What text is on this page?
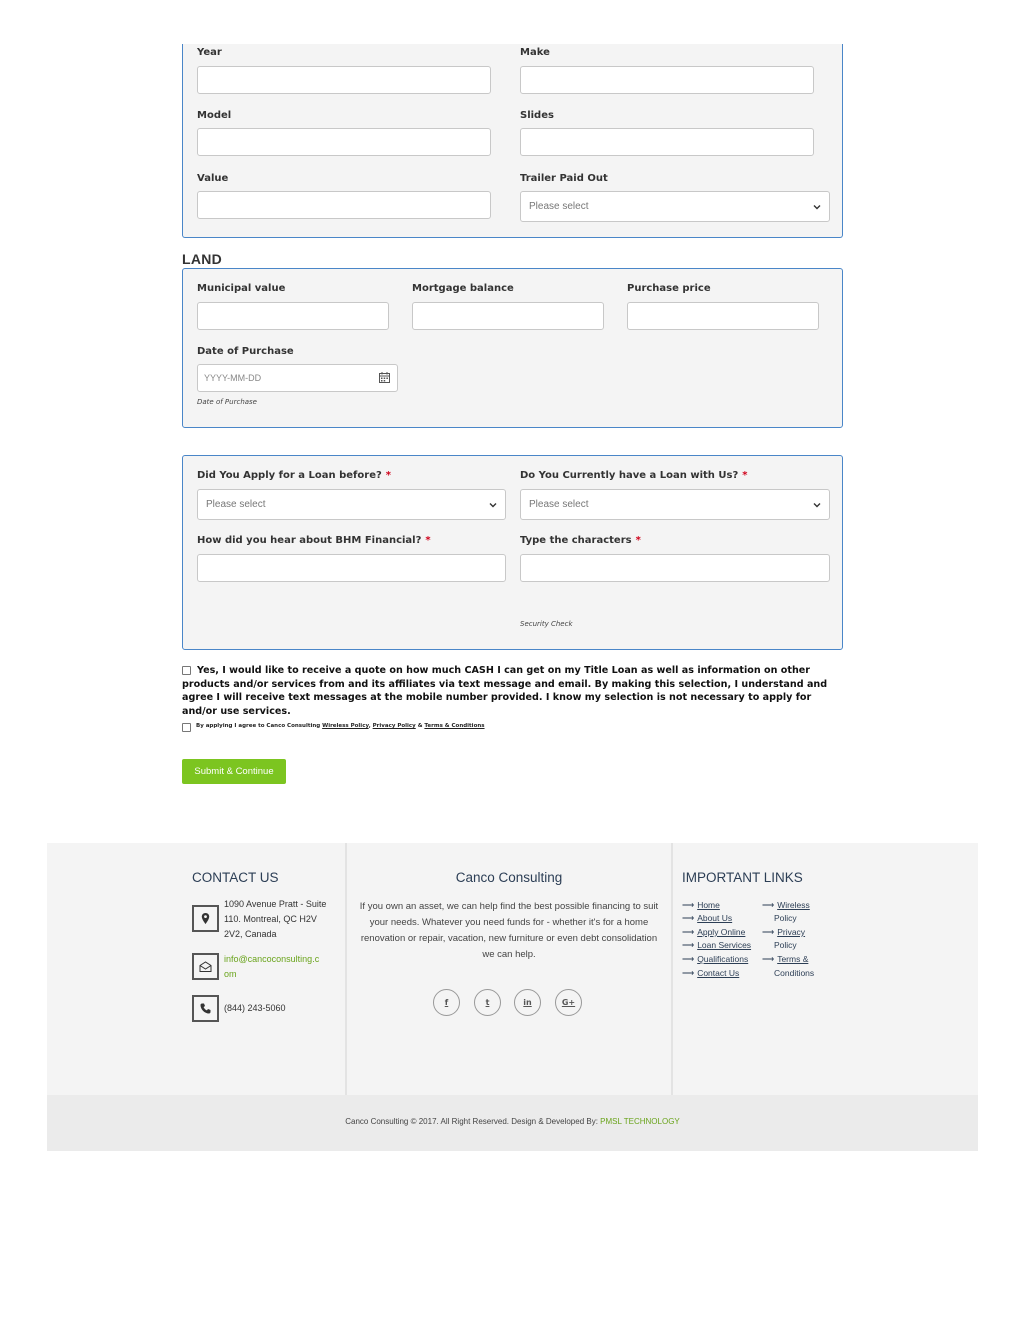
Year	Make
Model	Slides
Value	Trailer Paid Out
Please select
LAND
Municipal value	Mortgage balance	Purchase price
Date of Purchase
YYYY-MM-DD
Date of Purchase
Did You Apply for a Loan before? *
Please select
Do You Currently have a Loan with Us? *
Please select
How did you hear about BHM Financial? *	Type the characters *
Security Check

Yes, I would like to receive a quote on how much CASH I can get on my Title Loan as well as information on other products and/or services from and its affiliates via text message and email. By making this selection, I understand and agree I will receive text messages at the mobile number provided. I know my selection is not necessary to apply for and/or use services.

By applying I agree to Canco Consulting Wireless Policy, Privacy Policy & Terms & Conditions
Submit & Continue
CONTACT US
1090 Avenue Pratt - Suite 110. Montreal, QC H2V 2V2, Canada
info@cancoconsulting.com
(844) 243-5060
Canco Consulting

If you own an asset, we can help find the best possible financing to suit your needs. Whatever you need funds for - whether it's for a home renovation or repair, vacation, new furniture or even debt consolidation we can help.

f	t	in	G+
IMPORTANT LINKS
⟶ Home
⟶ About Us
⟶ Apply Online
⟶ Loan Services
⟶ Qualifications
⟶ Contact Us
⟶ Wireless
Policy
⟶ Privacy
Policy
⟶ Terms &
Conditions
Canco Consulting © 2017. All Right Reserved. Design & Developed By: PMSL TECHNOLOGY
